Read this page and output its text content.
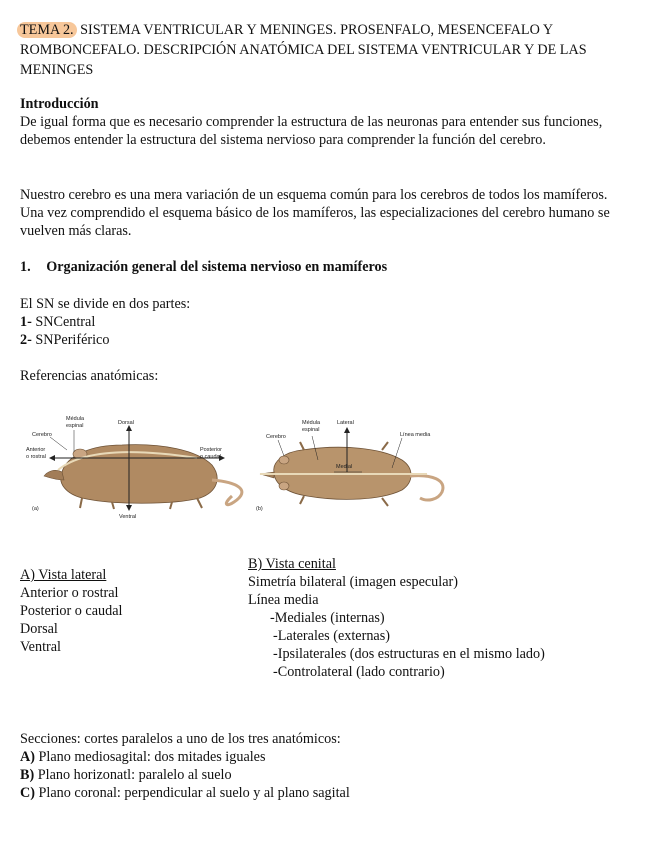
TEMA 2. SISTEMA VENTRICULAR Y MENINGES. PROSENFALO, MESENCEFALO Y ROMBONCEFALO. DESCRIPCIÓN ANATÓMICA DEL SISTEMA VENTRICULAR Y DE LAS MENINGES

Introducción

De igual forma que es necesario comprender la estructura de las neuronas para entender sus funciones, debemos entender la estructura del sistema nervioso para comprender la función del cerebro.

Nuestro cerebro es una mera variación de un esquema común para los cerebros de todos los mamíferos. Una vez comprendido el esquema básico de los mamíferos, las especializaciones del cerebro humano se vuelven más claras.

1. Organización general del sistema nervioso en mamíferos

El SN se divide en dos partes:

1- SNCentral

2- SNPeriférico

Referencias anatómicas:

Médula
espinal
Cerebro
Dorsal
Anterior
o rostral
Posterior
o caudal
Ventral
(a)
Médula
espinal
Cerebro
Lateral
Línea media
Medial
(b)

A) Vista lateral

Anterior o rostral

Posterior o caudal

Dorsal

Ventral

B) Vista cenital

Simetría bilateral (imagen especular)

Línea media

-Mediales (internas)

-Laterales (externas)

-Ipsilaterales (dos estructuras en el mismo lado)

-Controlateral (lado contrario)

Secciones: cortes paralelos a uno de los tres anatómicos:

A) Plano mediosagital: dos mitades iguales

B) Plano horizonatl: paralelo al suelo

C) Plano coronal: perpendicular al suelo y al plano sagital
